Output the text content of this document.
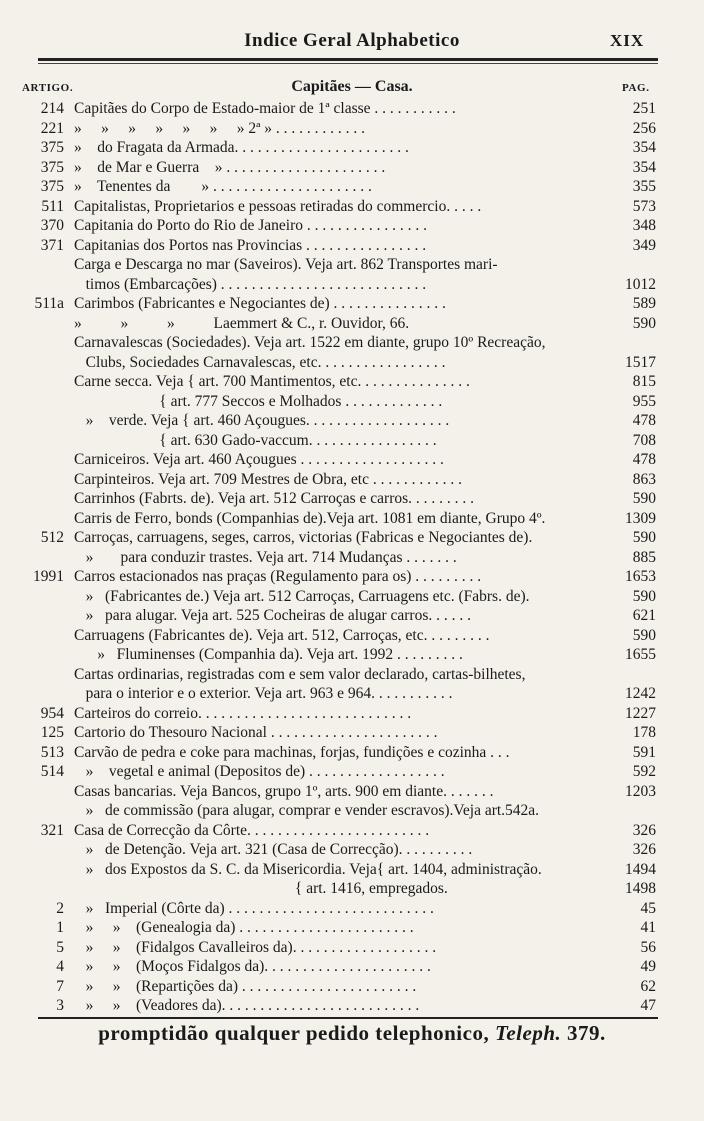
Indice Geral Alphabetico	XIX
ARTIGO.	Capitães — Casa.	PAG.
214 Capitães do Corpo de Estado-maior de 1ª classe . . . . . . . . . . .	251
221 »     »     »     »     »     »     » 2ª » . . . . . . . . . . . .	256
375 »    do Fragata da Armada. . . . . . . . . . . . . . . . . . . . . . .	354
375 »    de Mar e Guerra    » . . . . . . . . . . . . . . . . . . . . .	354
375 »    Tenentes da        » . . . . . . . . . . . . . . . . . . . . .	355
511 Capitalistas, Proprietarios e pessoas retiradas do commercio. . . . .	573
370 Capitania do Porto do Rio de Janeiro . . . . . . . . . . . . . . . .	348
371 Capitanias dos Portos nas Provincias . . . . . . . . . . . . . . . .	349
Carga e Descarga no mar (Saveiros). Veja art. 862 Transportes mari-
timos (Embarcações) . . . . . . . . . . . . . . . . . . . . . . . . . . .	1012
511a Carimbos (Fabricantes e Negociantes de) . . . . . . . . . . . . . . .	589
»          »          »          Laemmert & C., r. Ouvidor, 66.	590
Carnavalescas (Sociedades). Veja art. 1522 em diante, grupo 10º Recreação,
Clubs, Sociedades Carnavalescas, etc. . . . . . . . . . . . . . . . .	1517
Carne secca. Veja { art. 700 Mantimentos, etc. . . . . . . . . . . . . . .	815
{ art. 777 Seccos e Molhados . . . . . . . . . . . . .	955
»    verde. Veja { art. 460 Açougues. . . . . . . . . . . . . . . . . . .	478
{ art. 630 Gado-vaccum. . . . . . . . . . . . . . . . .	708
Carniceiros. Veja art. 460 Açougues . . . . . . . . . . . . . . . . . . .	478
Carpinteiros. Veja art. 709 Mestres de Obra, etc . . . . . . . . . . . .	863
Carrinhos (Fabrts. de). Veja art. 512 Carroças e carros. . . . . . . . .	590
Carris de Ferro, bonds (Companhias de).Veja art. 1081 em diante, Grupo 4º.	1309
512 Carroças, carruagens, seges, carros, victorias (Fabricas e Negociantes de).	590
»       para conduzir trastes. Veja art. 714 Mudanças . . . . . . .	885
1991 Carros estacionados nas praças (Regulamento para os) . . . . . . . . .	1653
»   (Fabricantes de.) Veja art. 512 Carroças, Carruagens etc. (Fabrs. de).	590
»   para alugar. Veja art. 525 Cocheiras de alugar carros. . . . . .	621
Carruagens (Fabricantes de). Veja art. 512, Carroças, etc. . . . . . . . .	590
»   Fluminenses (Companhia da). Veja art. 1992 . . . . . . . . .	1655
Cartas ordinarias, registradas com e sem valor declarado, cartas-bilhetes,
para o interior e o exterior. Veja art. 963 e 964. . . . . . . . . . .	1242
954 Carteiros do correio. . . . . . . . . . . . . . . . . . . . . . . . . . . .	1227
125 Cartorio do Thesouro Nacional . . . . . . . . . . . . . . . . . . . . . .	178
513 Carvão de pedra e coke para machinas, forjas, fundições e cozinha . . .	591
514 »    vegetal e animal (Depositos de) . . . . . . . . . . . . . . . . . .	592
Casas bancarias. Veja Bancos, grupo 1º, arts. 900 em diante. . . . . . .	1203
»   de commissão (para alugar, comprar e vender escravos).Veja art.542a.
321 Casa de Correcção da Côrte. . . . . . . . . . . . . . . . . . . . . . . .	326
»   de Detenção. Veja art. 321 (Casa de Correcção). . . . . . . . . .	326
»   dos Expostos da S. C. da Misericordia. Veja{ art. 1404, administração.	1494
{ art. 1416, empregados.	1498
2 »   Imperial (Côrte da) . . . . . . . . . . . . . . . . . . . . . . . . . . .	45
1 »     »    (Genealogia da) . . . . . . . . . . . . . . . . . . . . . . .	41
5 »     »    (Fidalgos Cavalleiros da). . . . . . . . . . . . . . . . . . .	56
4 »     »    (Moços Fidalgos da). . . . . . . . . . . . . . . . . . . . . .	49
7 »     »    (Repartições da) . . . . . . . . . . . . . . . . . . . . . . .	62
3 »     »    (Veadores da). . . . . . . . . . . . . . . . . . . . . . . . . .	47
promptidão qualquer pedido telephonico, Teleph. 379.
